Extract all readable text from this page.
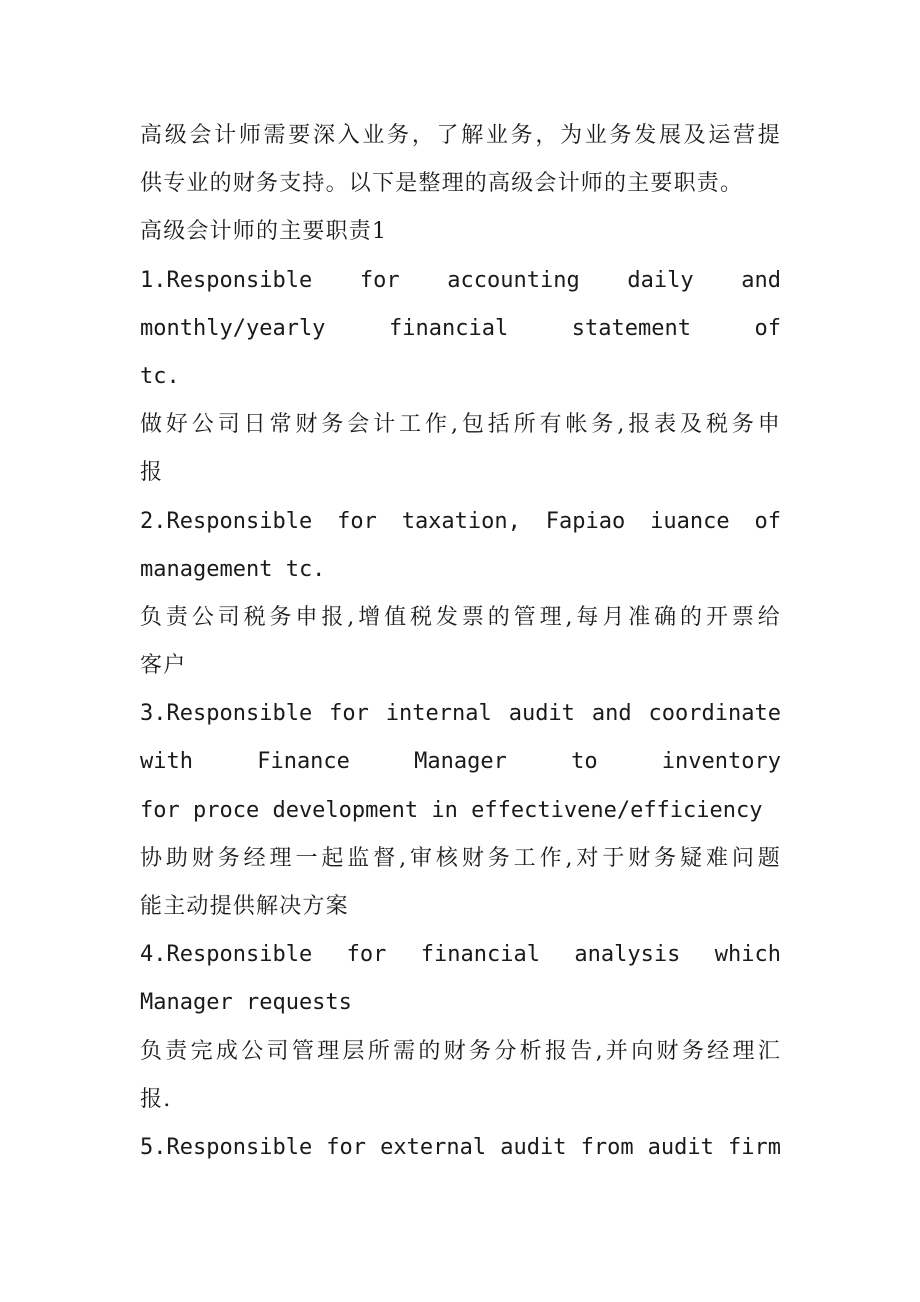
高级会计师需要深入业务，了解业务，为业务发展及运营提
供专业的财务支持。以下是整理的高级会计师的主要职责。
高级会计师的主要职责1
1.Responsible for accounting daily and
monthly/yearly financial statement of
tc.
做好公司日常财务会计工作,包括所有帐务,报表及税务申
报
2.Responsible for taxation, Fapiao iuance of
management tc.
负责公司税务申报,增值税发票的管理,每月准确的开票给
客户
3.Responsible for internal audit and coordinate
with Finance Manager to inventory
for proce development in effectivene/efficiency
协助财务经理一起监督,审核财务工作,对于财务疑难问题
能主动提供解决方案
4.Responsible for financial analysis which
Manager requests
负责完成公司管理层所需的财务分析报告,并向财务经理汇
报.
5.Responsible for external audit from audit firm
